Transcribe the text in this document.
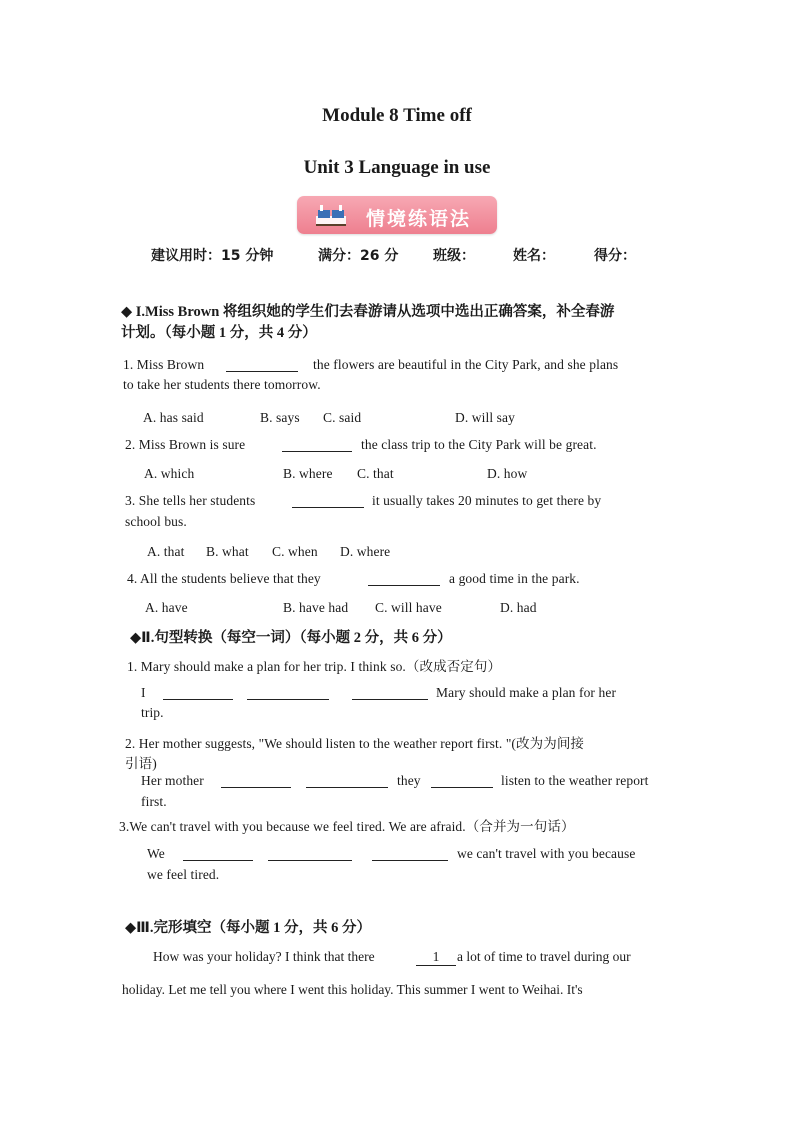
Module 8 Time off
Unit 3 Language in use
情境练语法
建议用时：15 分钟	满分：26 分 班级：	姓名：	得分：
◆ I.Miss Brown 将组织她的学生们去春游请从选项中选出正确答案，补全春游
计划。（每小题 1 分，共 4 分）
1. Miss Brown	the flowers are beautiful in the City Park, and she plans
to take her students there tomorrow.
A. has said	B. says C. said	D. will say
2. Miss Brown is sure	the class trip to the City Park will be great.
A. which	B. where C. that	D. how
3. She tells her students	it usually takes 20 minutes to get there by
school bus.
A. that B. what C. when D. where
4. All the students believe that they	a good time in the park.
A. have	B. have had C. will have	D. had
◆Ⅱ.句型转换（每空一词）（每小题 2 分，共 6 分）
1. Mary should make a plan for her trip. I think so.（改成否定句）
I	Mary should make a plan for her
trip.
2. Her mother suggests, "We should listen to the weather report first. "(改为为间接
引语)
Her mother	they	listen to the weather report
first.
3.We can't travel with you because we feel tired. We are afraid.（合并为一句话）
We	we can't travel with you because
we feel tired.
◆Ⅲ.完形填空（每小题 1 分，共 6 分）
How was your holiday? I think that there	1	a lot of time to travel during our
holiday. Let me tell you where I went this holiday. This summer I went to Weihai. It's
